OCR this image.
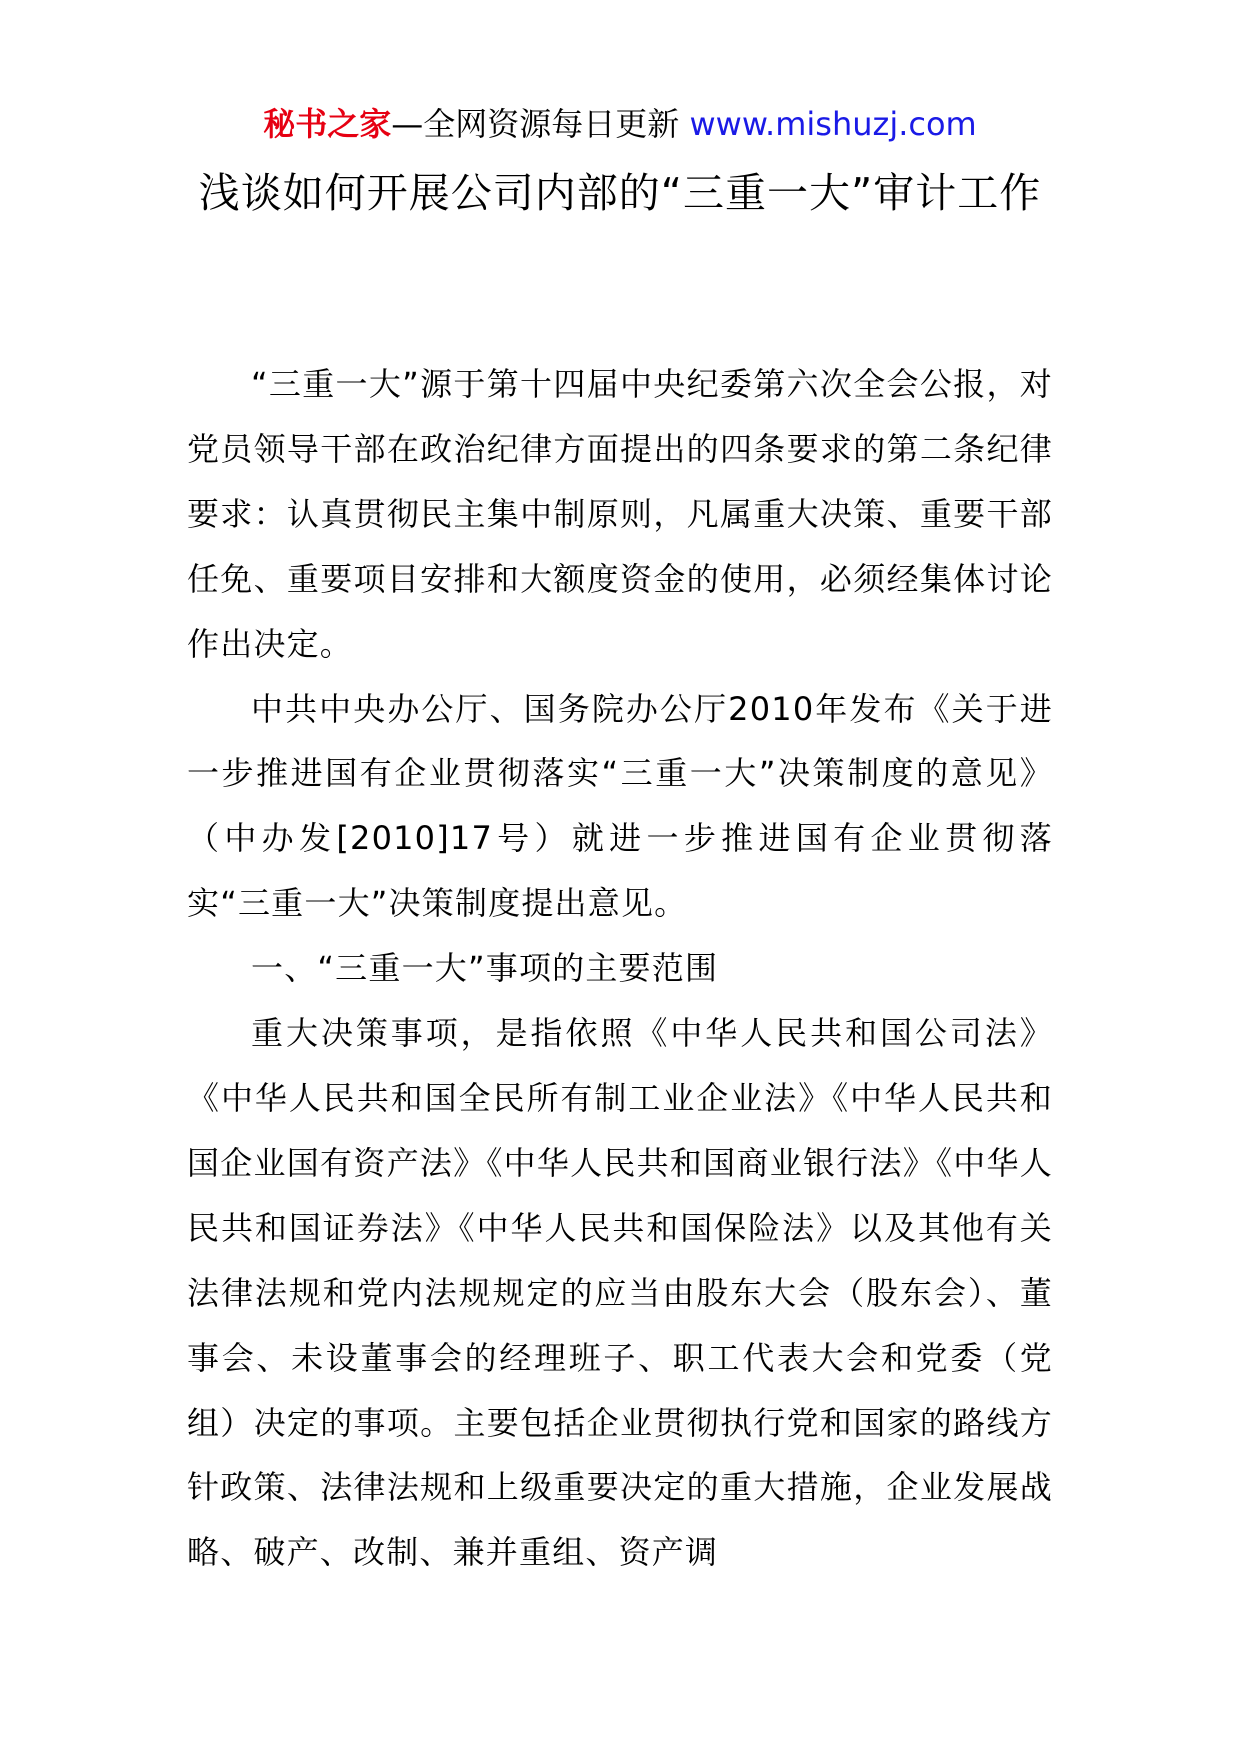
秘书之家—全网资源每日更新 www.mishuzj.com
浅谈如何开展公司内部的“三重一大”审计工作

“三重一大”源于第十四届中央纪委第六次全会公报，对党员领导干部在政治纪律方面提出的四条要求的第二条纪律要求：认真贯彻民主集中制原则，凡属重大决策、重要干部任免、重要项目安排和大额度资金的使用，必须经集体讨论作出决定。

中共中央办公厅、国务院办公厅2010年发布《关于进一步推进国有企业贯彻落实“三重一大”决策制度的意见》（中办发[2010]17号）就进一步推进国有企业贯彻落实“三重一大”决策制度提出意见。

一、“三重一大”事项的主要范围

重大决策事项，是指依照《中华人民共和国公司法》《中华人民共和国全民所有制工业企业法》《中华人民共和国企业国有资产法》《中华人民共和国商业银行法》《中华人民共和国证券法》《中华人民共和国保险法》以及其他有关法律法规和党内法规规定的应当由股东大会（股东会）、董事会、未设董事会的经理班子、职工代表大会和党委（党组）决定的事项。主要包括企业贯彻执行党和国家的路线方针政策、法律法规和上级重要决定的重大措施，企业发展战略、破产、改制、兼并重组、资产调
